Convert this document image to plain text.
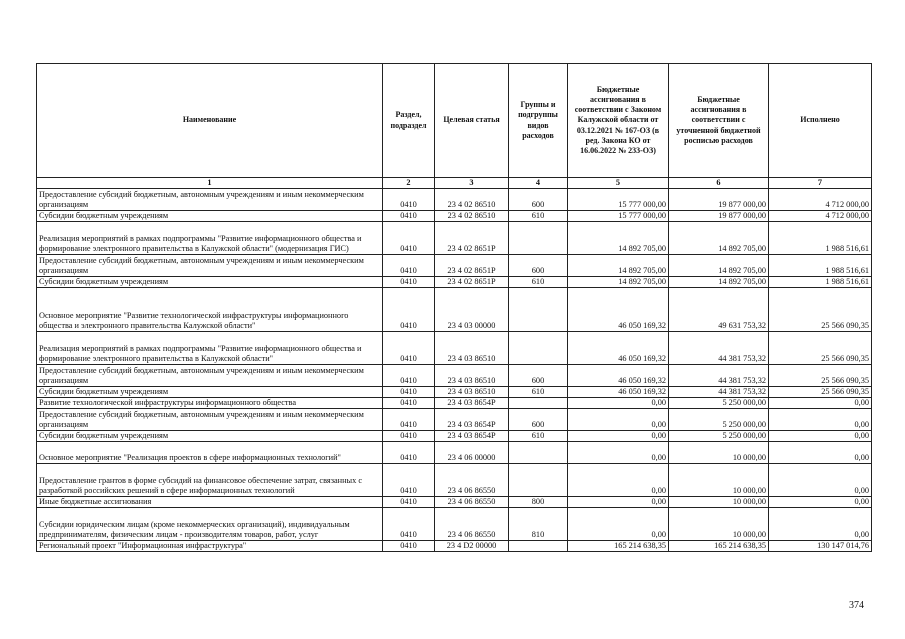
Наименование	Раздел, подраздел	Целевая статья	Группы и подгруппы видов расходов	Бюджетные ассигнования в соответствии с Законом Калужской области от 03.12.2021 № 167-ОЗ (в ред. Закона КО от 16.06.2022 № 233-ОЗ)	Бюджетные ассигнования в соответствии с уточненной бюджетной росписью расходов	Исполнено
1	2	3	4	5	6	7
Предоставление субсидий бюджетным, автономным учреждениям и иным некоммерческим организациям	0410	23 4 02 86510	600	15 777 000,00	19 877 000,00	4 712 000,00
Субсидии бюджетным учреждениям	0410	23 4 02 86510	610	15 777 000,00	19 877 000,00	4 712 000,00
Реализация мероприятий в рамках подпрограммы "Развитие информационного общества и формирование электронного правительства в Калужской области" (модернизация ГИС)	0410	23 4 02 8651Р		14 892 705,00	14 892 705,00	1 988 516,61
Предоставление субсидий бюджетным, автономным учреждениям и иным некоммерческим организациям	0410	23 4 02 8651Р	600	14 892 705,00	14 892 705,00	1 988 516,61
Субсидии бюджетным учреждениям	0410	23 4 02 8651Р	610	14 892 705,00	14 892 705,00	1 988 516,61
Основное мероприятие "Развитие технологической инфраструктуры информационного общества и электронного правительства Калужской области"	0410	23 4 03 00000		46 050 169,32	49 631 753,32	25 566 090,35
Реализация мероприятий в рамках подпрограммы "Развитие информационного общества и формирование электронного правительства в Калужской области"	0410	23 4 03 86510		46 050 169,32	44 381 753,32	25 566 090,35
Предоставление субсидий бюджетным, автономным учреждениям и иным некоммерческим организациям	0410	23 4 03 86510	600	46 050 169,32	44 381 753,32	25 566 090,35
Субсидии бюджетным учреждениям	0410	23 4 03 86510	610	46 050 169,32	44 381 753,32	25 566 090,35
Развитие технологической инфраструктуры информационного общества	0410	23 4 03 8654Р		0,00	5 250 000,00	0,00
Предоставление субсидий бюджетным, автономным учреждениям и иным некоммерческим организациям	0410	23 4 03 8654Р	600	0,00	5 250 000,00	0,00
Субсидии бюджетным учреждениям	0410	23 4 03 8654Р	610	0,00	5 250 000,00	0,00
Основное мероприятие "Реализация проектов в сфере информационных технологий"	0410	23 4 06 00000		0,00	10 000,00	0,00
Предоставление грантов в форме субсидий на финансовое обеспечение затрат, связанных с разработкой российских решений в сфере информационных технологий	0410	23 4 06 86550		0,00	10 000,00	0,00
Иные бюджетные ассигнования	0410	23 4 06 86550	800	0,00	10 000,00	0,00
Субсидии юридическим лицам (кроме некоммерческих организаций), индивидуальным предпринимателям, физическим лицам - производителям товаров, работ, услуг	0410	23 4 06 86550	810	0,00	10 000,00	0,00
Региональный проект "Информационная инфраструктура"	0410	23 4 D2 00000		165 214 638,35	165 214 638,35	130 147 014,76
374
